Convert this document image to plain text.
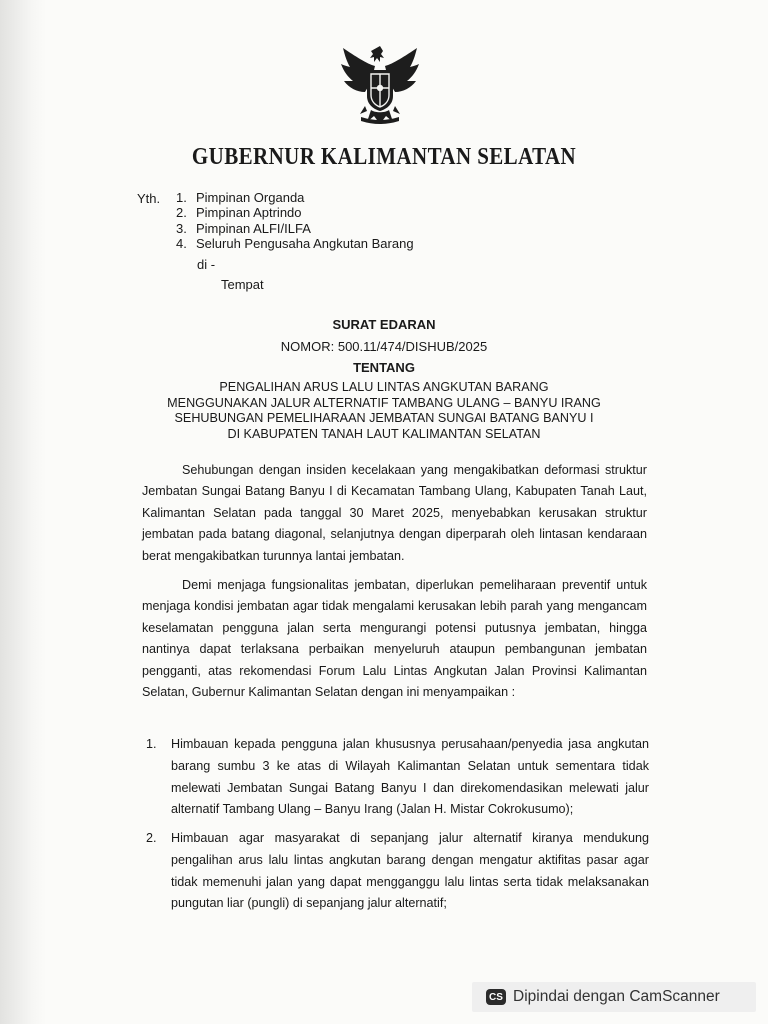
GUBERNUR KALIMANTAN SELATAN
Yth. 1. Pimpinan Organda
2. Pimpinan Aptrindo
3. Pimpinan ALFI/ILFA
4. Seluruh Pengusaha Angkutan Barang
di -
Tempat
SURAT EDARAN
NOMOR: 500.11/474/DISHUB/2025
TENTANG
PENGALIHAN ARUS LALU LINTAS ANGKUTAN BARANG
MENGGUNAKAN JALUR ALTERNATIF TAMBANG ULANG – BANYU IRANG
SEHUBUNGAN PEMELIHARAAN JEMBATAN SUNGAI BATANG BANYU I
DI KABUPATEN TANAH LAUT KALIMANTAN SELATAN
Sehubungan dengan insiden kecelakaan yang mengakibatkan deformasi struktur Jembatan Sungai Batang Banyu I di Kecamatan Tambang Ulang, Kabupaten Tanah Laut, Kalimantan Selatan pada tanggal 30 Maret 2025, menyebabkan kerusakan struktur jembatan pada batang diagonal, selanjutnya dengan diperparah oleh lintasan kendaraan berat mengakibatkan turunnya lantai jembatan.
Demi menjaga fungsionalitas jembatan, diperlukan pemeliharaan preventif untuk menjaga kondisi jembatan agar tidak mengalami kerusakan lebih parah yang mengancam keselamatan pengguna jalan serta mengurangi potensi putusnya jembatan, hingga nantinya dapat terlaksana perbaikan menyeluruh ataupun pembangunan jembatan pengganti, atas rekomendasi Forum Lalu Lintas Angkutan Jalan Provinsi Kalimantan Selatan, Gubernur Kalimantan Selatan dengan ini menyampaikan :
1.	Himbauan kepada pengguna jalan khususnya perusahaan/penyedia jasa angkutan barang sumbu 3 ke atas di Wilayah Kalimantan Selatan untuk sementara tidak melewati Jembatan Sungai Batang Banyu I dan direkomendasikan melewati jalur alternatif Tambang Ulang – Banyu Irang (Jalan H. Mistar Cokrokusumo);
2.	Himbauan agar masyarakat di sepanjang jalur alternatif kiranya mendukung pengalihan arus lalu lintas angkutan barang dengan mengatur aktifitas pasar agar tidak memenuhi jalan yang dapat mengganggu lalu lintas serta tidak melaksanakan pungutan liar (pungli) di sepanjang jalur alternatif;
CS Dipindai dengan CamScanner
